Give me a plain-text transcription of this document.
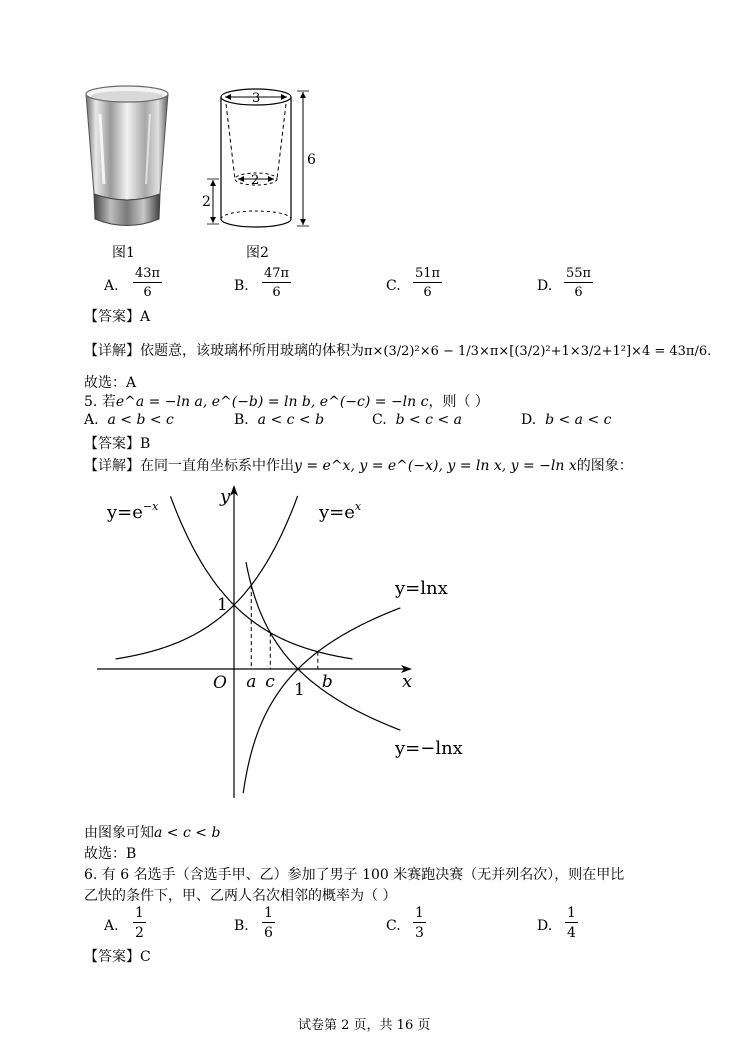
图1
3
2
6
2
图2
A. $\frac{43\pi}{6}$	B. $\frac{47\pi}{6}$	C. $\frac{51\pi}{6}$	D. $\frac{55\pi}{6}$
【答案】A
【详解】依题意，该玻璃杯所用玻璃的体积为π×(3/2)²×6 − 1/3×π×[(3/2)²+1×3/2+1²]×4 = 43π/6.
故选：A
5. 若e^a = −ln a, e^(−b) = ln b, e^(−c) = −ln c，则（ ）
A. a < b < c	B. a < c < b	C. b < c < a	D. b < a < c
【答案】B
【详解】在同一直角坐标系中作出y = e^x, y = e^(−x), y = ln x, y = −ln x的图象：
y
x
O
1
1
a c	b
$y=e^{-x}$	$y=e^x$
y=lnx
y=−lnx
由图象可知a < c < b
故选：B
6. 有 6 名选手（含选手甲、乙）参加了男子 100 米赛跑决赛（无并列名次），则在甲比
乙快的条件下，甲、乙两人名次相邻的概率为（ ）
A. $\frac{1}{2}$	B. $\frac{1}{6}$	C. $\frac{1}{3}$	D. $\frac{1}{4}$
【答案】C
试卷第 2 页，共 16 页
